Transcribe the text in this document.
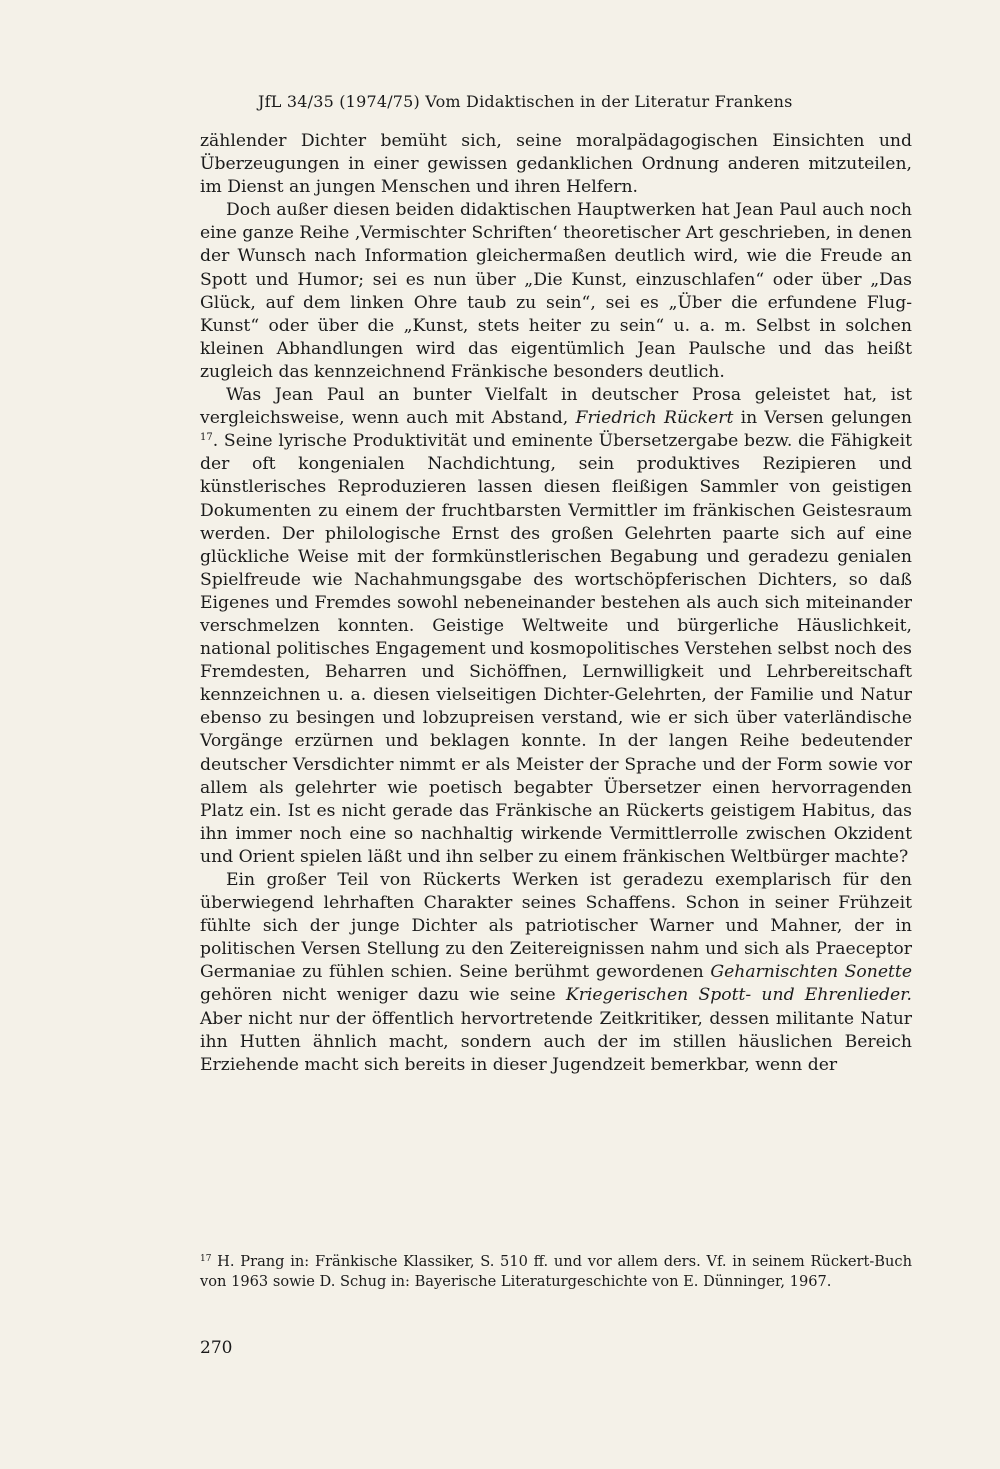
JfL 34/35 (1974/75) Vom Didaktischen in der Literatur Frankens

zählender Dichter bemüht sich, seine moralpädagogischen Einsichten und Überzeugungen in einer gewissen gedanklichen Ordnung anderen mitzuteilen, im Dienst an jungen Menschen und ihren Helfern.

Doch außer diesen beiden didaktischen Hauptwerken hat Jean Paul auch noch eine ganze Reihe ‚Vermischter Schriften‘ theoretischer Art geschrieben, in denen der Wunsch nach Information gleichermaßen deutlich wird, wie die Freude an Spott und Humor; sei es nun über „Die Kunst, einzuschlafen“ oder über „Das Glück, auf dem linken Ohre taub zu sein“, sei es „Über die erfundene Flug-Kunst“ oder über die „Kunst, stets heiter zu sein“ u. a. m. Selbst in solchen kleinen Abhandlungen wird das eigentümlich Jean Paulsche und das heißt zugleich das kennzeichnend Fränkische besonders deutlich.

Was Jean Paul an bunter Vielfalt in deutscher Prosa geleistet hat, ist vergleichsweise, wenn auch mit Abstand, Friedrich Rückert in Versen gelungen $^{17}$. Seine lyrische Produktivität und eminente Übersetzergabe bezw. die Fähigkeit der oft kongenialen Nachdichtung, sein produktives Rezipieren und künstlerisches Reproduzieren lassen diesen fleißigen Sammler von geistigen Dokumenten zu einem der fruchtbarsten Vermittler im fränkischen Geistesraum werden. Der philologische Ernst des großen Gelehrten paarte sich auf eine glückliche Weise mit der formkünstlerischen Begabung und geradezu genialen Spielfreude wie Nachahmungsgabe des wortschöpferischen Dichters, so daß Eigenes und Fremdes sowohl nebeneinander bestehen als auch sich miteinander verschmelzen konnten. Geistige Weltweite und bürgerliche Häuslichkeit, national politisches Engagement und kosmopolitisches Verstehen selbst noch des Fremdesten, Beharren und Sichöffnen, Lernwilligkeit und Lehrbereitschaft kennzeichnen u. a. diesen vielseitigen Dichter-Gelehrten, der Familie und Natur ebenso zu besingen und lobzupreisen verstand, wie er sich über vaterländische Vorgänge erzürnen und beklagen konnte. In der langen Reihe bedeutender deutscher Versdichter nimmt er als Meister der Sprache und der Form sowie vor allem als gelehrter wie poetisch begabter Übersetzer einen hervorragenden Platz ein. Ist es nicht gerade das Fränkische an Rückerts geistigem Habitus, das ihn immer noch eine so nachhaltig wirkende Vermittlerrolle zwischen Okzident und Orient spielen läßt und ihn selber zu einem fränkischen Weltbürger machte?

Ein großer Teil von Rückerts Werken ist geradezu exemplarisch für den überwiegend lehrhaften Charakter seines Schaffens. Schon in seiner Frühzeit fühlte sich der junge Dichter als patriotischer Warner und Mahner, der in politischen Versen Stellung zu den Zeitereignissen nahm und sich als Praeceptor Germaniae zu fühlen schien. Seine berühmt gewordenen Geharnischten Sonette gehören nicht weniger dazu wie seine Kriegerischen Spott- und Ehrenlieder. Aber nicht nur der öffentlich hervortretende Zeitkritiker, dessen militante Natur ihn Hutten ähnlich macht, sondern auch der im stillen häuslichen Bereich Erziehende macht sich bereits in dieser Jugendzeit bemerkbar, wenn der

$^{17}$ H. Prang in: Fränkische Klassiker, S. 510 ff. und vor allem ders. Vf. in seinem Rückert-Buch von 1963 sowie D. Schug in: Bayerische Literaturgeschichte von E. Dünninger, 1967.
270
